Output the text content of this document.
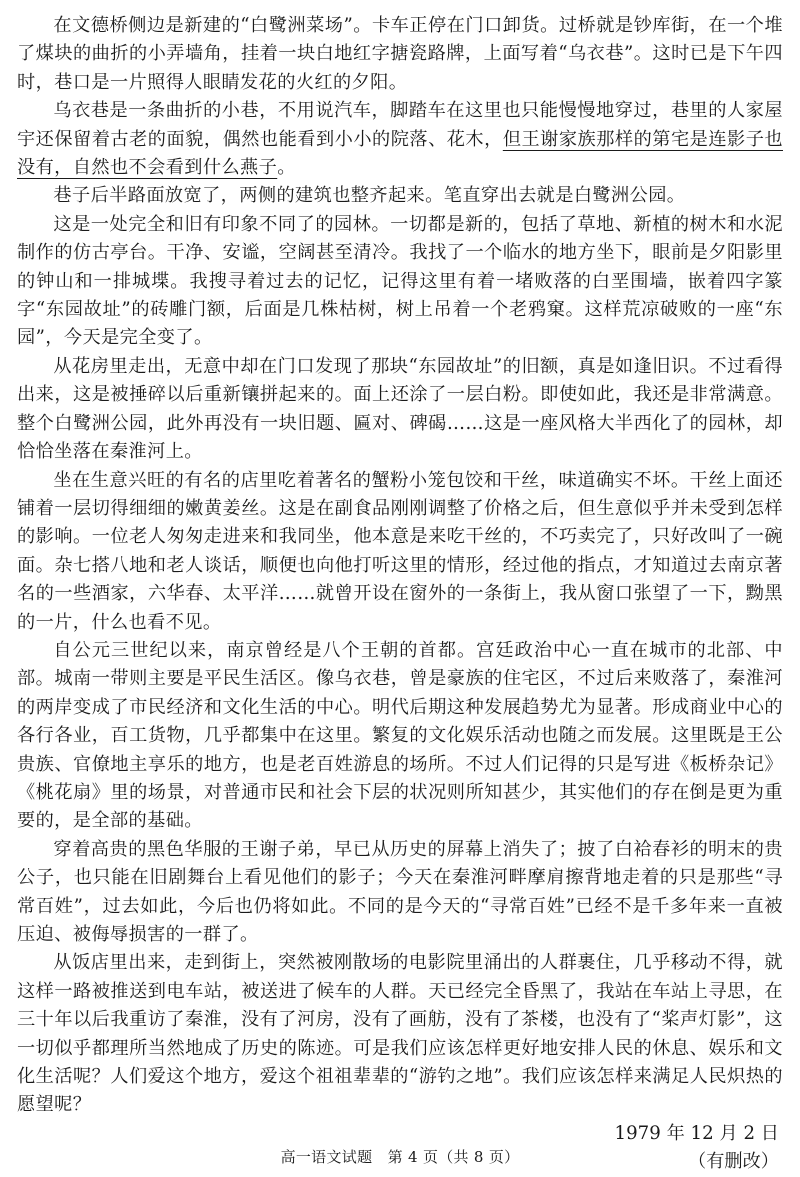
在文德桥侧边是新建的“白鹭洲菜场”。卡车正停在门口卸货。过桥就是钞库街，在一个堆了煤块的曲折的小弄墙角，挂着一块白地红字搪瓷路牌，上面写着“乌衣巷”。这时已是下午四时，巷口是一片照得人眼睛发花的火红的夕阳。

乌衣巷是一条曲折的小巷，不用说汽车，脚踏车在这里也只能慢慢地穿过，巷里的人家屋宇还保留着古老的面貌，偶然也能看到小小的院落、花木，但王谢家族那样的第宅是连影子也没有，自然也不会看到什么燕子。

巷子后半路面放宽了，两侧的建筑也整齐起来。笔直穿出去就是白鹭洲公园。

这是一处完全和旧有印象不同了的园林。一切都是新的，包括了草地、新植的树木和水泥制作的仿古亭台。干净、安谧，空阔甚至清冷。我找了一个临水的地方坐下，眼前是夕阳影里的钟山和一排城堞。我搜寻着过去的记忆，记得这里有着一堵败落的白垩围墙，嵌着四字篆字“东园故址”的砖雕门额，后面是几株枯树，树上吊着一个老鸦窠。这样荒凉破败的一座“东园”，今天是完全变了。

从花房里走出，无意中却在门口发现了那块“东园故址”的旧额，真是如逢旧识。不过看得出来，这是被捶碎以后重新镶拼起来的。面上还涂了一层白粉。即使如此，我还是非常满意。整个白鹭洲公园，此外再没有一块旧题、匾对、碑碣……这是一座风格大半西化了的园林，却恰恰坐落在秦淮河上。

坐在生意兴旺的有名的店里吃着著名的蟹粉小笼包饺和干丝，味道确实不坏。干丝上面还铺着一层切得细细的嫩黄姜丝。这是在副食品刚刚调整了价格之后，但生意似乎并未受到怎样的影响。一位老人匆匆走进来和我同坐，他本意是来吃干丝的，不巧卖完了，只好改叫了一碗面。杂七搭八地和老人谈话，顺便也向他打听这里的情形，经过他的指点，才知道过去南京著名的一些酒家，六华春、太平洋……就曾开设在窗外的一条街上，我从窗口张望了一下，黝黑的一片，什么也看不见。

自公元三世纪以来，南京曾经是八个王朝的首都。宫廷政治中心一直在城市的北部、中部。城南一带则主要是平民生活区。像乌衣巷，曾是豪族的住宅区，不过后来败落了，秦淮河的两岸变成了市民经济和文化生活的中心。明代后期这种发展趋势尤为显著。形成商业中心的各行各业，百工货物，几乎都集中在这里。繁复的文化娱乐活动也随之而发展。这里既是王公贵族、官僚地主享乐的地方，也是老百姓游息的场所。不过人们记得的只是写进《板桥杂记》《桃花扇》里的场景，对普通市民和社会下层的状况则所知甚少，其实他们的存在倒是更为重要的，是全部的基础。

穿着高贵的黑色华服的王谢子弟，早已从历史的屏幕上消失了；披了白袷春衫的明末的贵公子，也只能在旧剧舞台上看见他们的影子；今天在秦淮河畔摩肩擦背地走着的只是那些“寻常百姓”，过去如此，今后也仍将如此。不同的是今天的“寻常百姓”已经不是千多年来一直被压迫、被侮辱损害的一群了。

从饭店里出来，走到街上，突然被刚散场的电影院里涌出的人群裹住，几乎移动不得，就这样一路被推送到电车站，被送进了候车的人群。天已经完全昏黑了，我站在车站上寻思，在三十年以后我重访了秦淮，没有了河房，没有了画舫，没有了茶楼，也没有了“桨声灯影”，这一切似乎都理所当然地成了历史的陈迹。可是我们应该怎样更好地安排人民的休息、娱乐和文化生活呢？人们爱这个地方，爱这个祖祖辈辈的“游钓之地”。我们应该怎样来满足人民炽热的愿望呢？

1979 年 12 月 2 日

（有删改）

高一语文试题　第 4 页（共 8 页）
